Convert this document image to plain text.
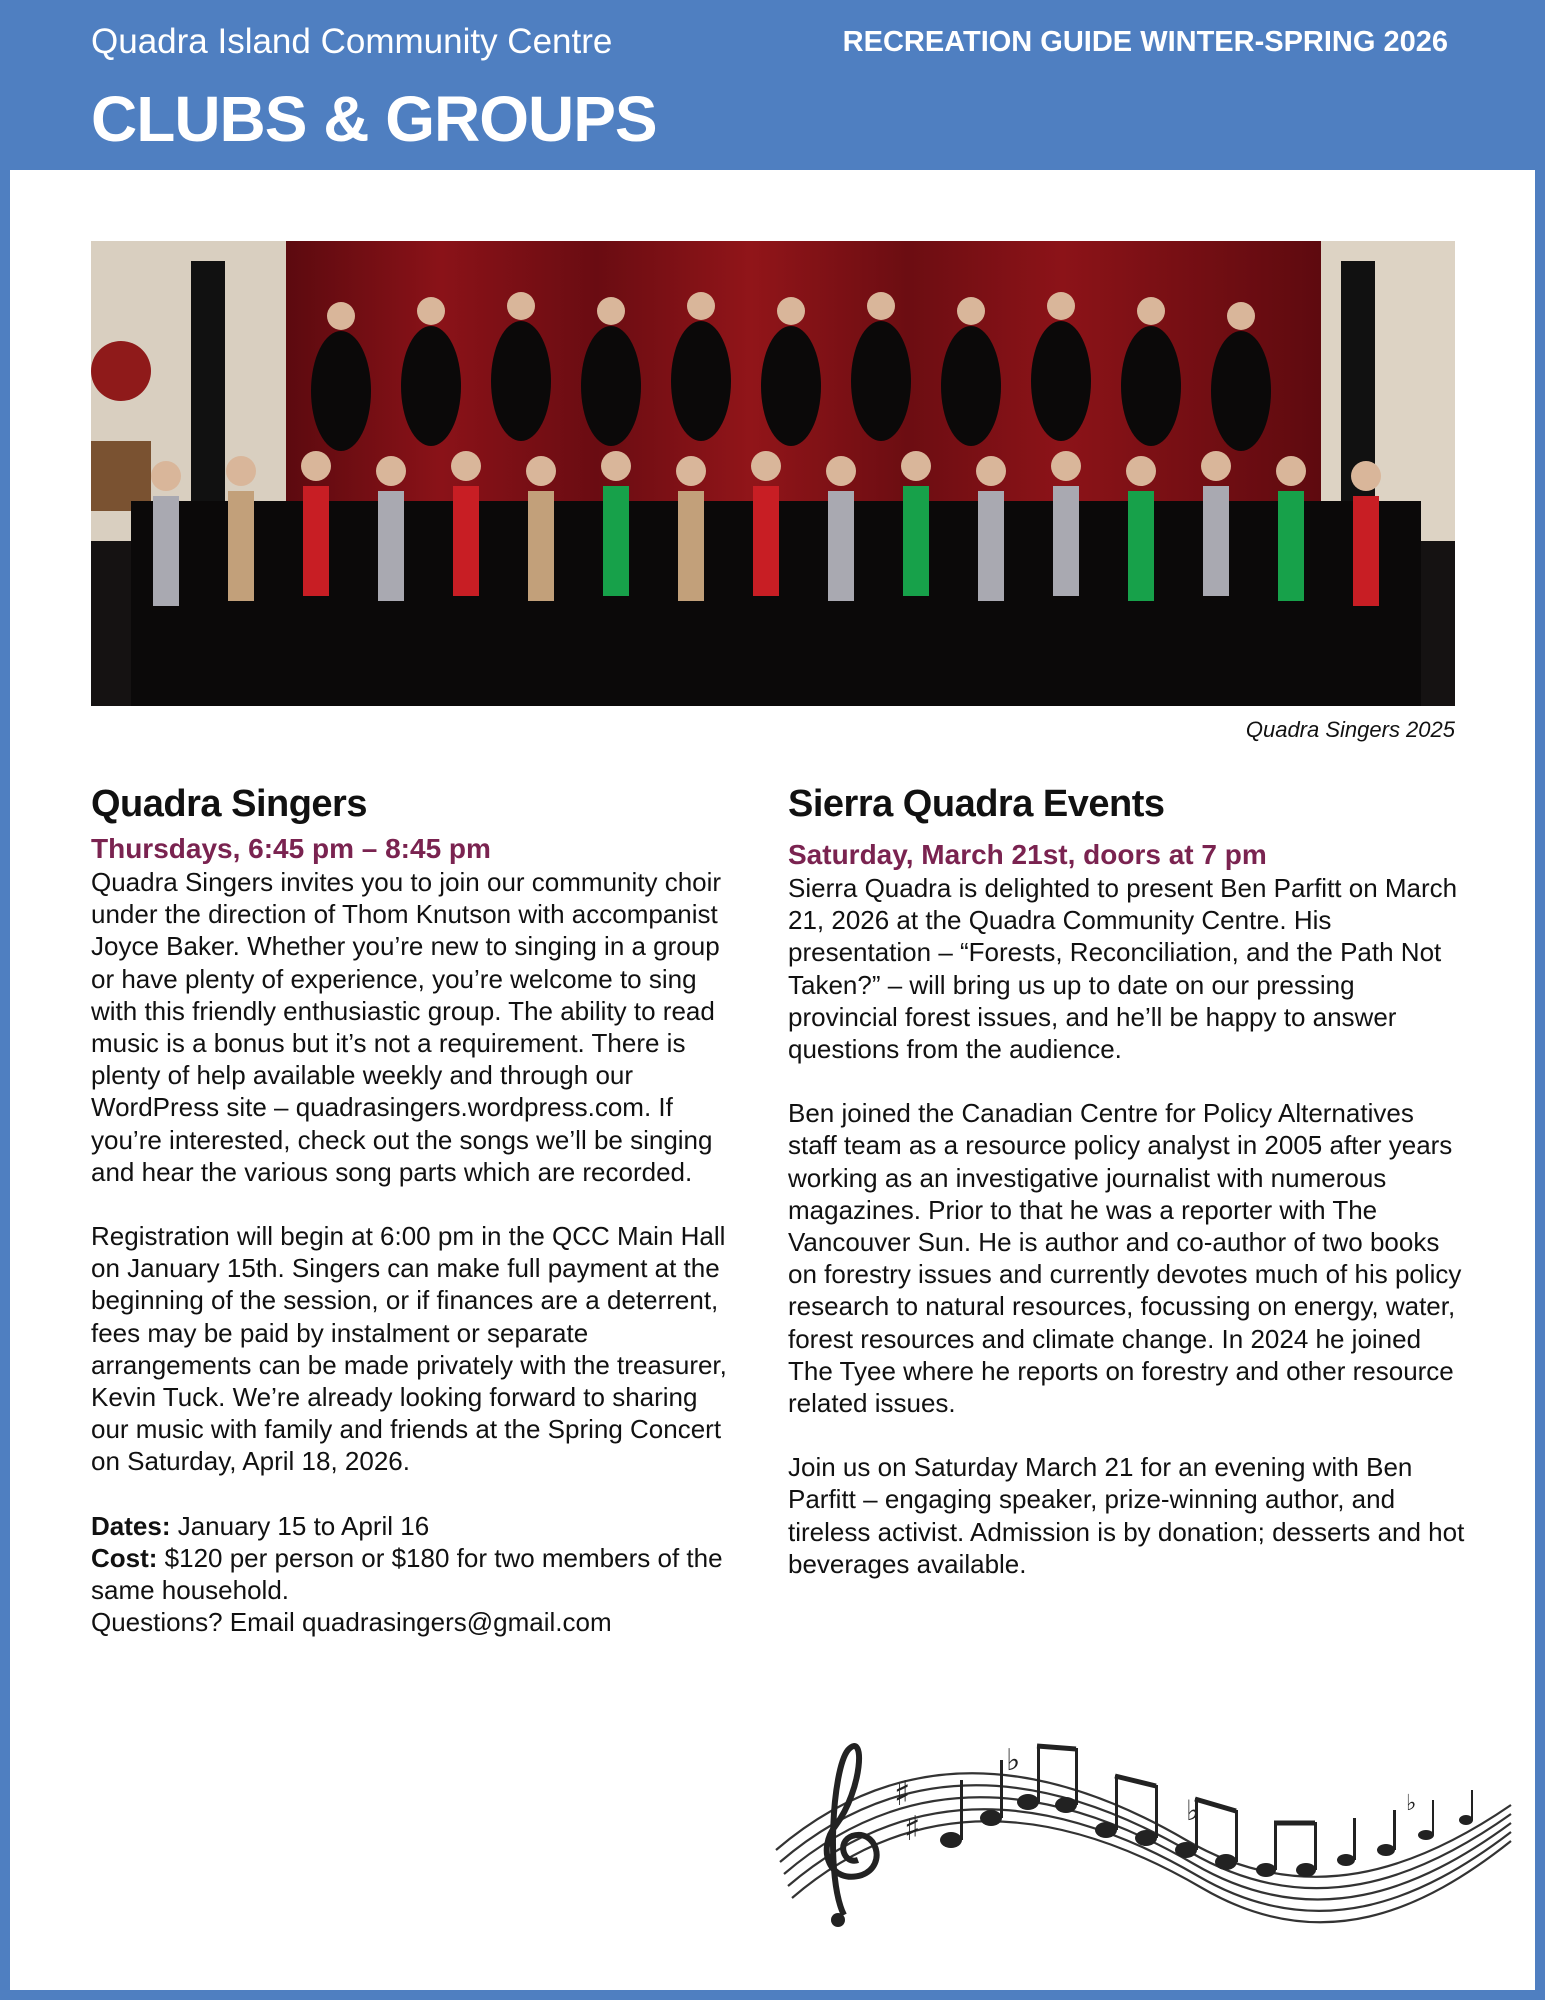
Quadra Island Community Centre	RECREATION GUIDE WINTER-SPRING 2026
CLUBS & GROUPS
Quadra Singers 2025
Quadra Singers
Thursdays, 6:45 pm – 8:45 pm

Quadra Singers invites you to join our community choir under the direction of Thom Knutson with accompanist Joyce Baker. Whether you’re new to singing in a group or have plenty of experience, you’re welcome to sing with this friendly enthusiastic group. The ability to read music is a bonus but it’s not a requirement. There is plenty of help available weekly and through our WordPress site – quadrasingers.wordpress.com. If you’re interested, check out the songs we’ll be singing and hear the various song parts which are recorded.

Registration will begin at 6:00 pm in the QCC Main Hall on January 15th. Singers can make full payment at the beginning of the session, or if finances are a deterrent, fees may be paid by instalment or separate arrangements can be made privately with the treasurer, Kevin Tuck. We’re already looking forward to sharing our music with family and friends at the Spring Concert on Saturday, April 18, 2026.

Dates: January 15 to April 16
Cost: $120 per person or $180 for two members of the same household.
Questions? Email quadrasingers@gmail.com

Sierra Quadra Events
Saturday, March 21st, doors at 7 pm

Sierra Quadra is delighted to present Ben Parfitt on March 21, 2026 at the Quadra Community Centre. His presentation – “Forests, Reconciliation, and the Path Not Taken?” – will bring us up to date on our pressing provincial forest issues, and he’ll be happy to answer questions from the audience.

Ben joined the Canadian Centre for Policy Alternatives staff team as a resource policy analyst in 2005 after years working as an investigative journalist with numerous magazines. Prior to that he was a reporter with The Vancouver Sun. He is author and co-author of two books on forestry issues and currently devotes much of his policy research to natural resources, focussing on energy, water, forest resources and climate change. In 2024 he joined The Tyee where he reports on forestry and other resource related issues.

Join us on Saturday March 21 for an evening with Ben Parfitt – engaging speaker, prize-winning author, and tireless activist. Admission is by donation; desserts and hot beverages available.

♯
♯
♭
♭	♭
